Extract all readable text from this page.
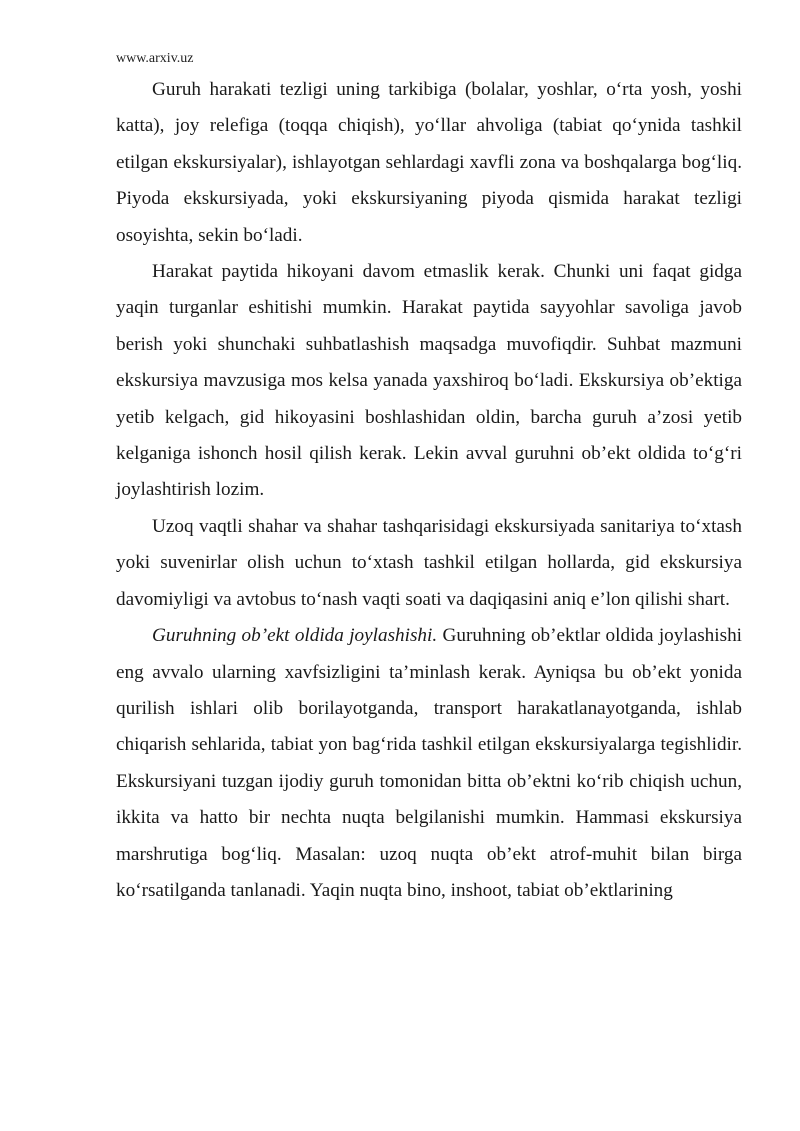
www.arxiv.uz

Guruh harakati tezligi uning tarkibiga (bolalar, yoshlar, o‘rta yosh, yoshi katta), joy relefiga (toqqa chiqish), yo‘llar ahvoliga (tabiat qo‘ynida tashkil etilgan ekskursiyalar), ishlayotgan sehlardagi xavfli zona va boshqalarga bog‘liq. Piyoda ekskursiyada, yoki ekskursiyaning piyoda qismida harakat tezligi osoyishta, sekin bo‘ladi.

Harakat paytida hikoyani davom etmaslik kerak. Chunki uni faqat gidga yaqin turganlar eshitishi mumkin. Harakat paytida sayyohlar savoliga javob berish yoki shunchaki suhbatlashish maqsadga muvofiqdir. Suhbat mazmuni ekskursiya mavzusiga mos kelsa yanada yaxshiroq bo‘ladi. Ekskursiya ob’ektiga yetib kelgach, gid hikoyasini boshlashidan oldin, barcha guruh a’zosi yetib kelganiga ishonch hosil qilish kerak. Lekin avval guruhni ob’ekt oldida to‘g‘ri joylashtirish lozim.

Uzoq vaqtli shahar va shahar tashqarisidagi ekskursiyada sanitariya to‘xtash yoki suvenirlar olish uchun to‘xtash tashkil etilgan hollarda, gid ekskursiya davomiyligi va avtobus to‘nash vaqti soati va daqiqasini aniq e’lon qilishi shart.

Guruhning ob’ekt oldida joylashishi. Guruhning ob’ektlar oldida joylashishi eng avvalo ularning xavfsizligini ta’minlash kerak. Ayniqsa bu ob’ekt yonida qurilish ishlari olib borilayotganda, transport harakatlanayotganda, ishlab chiqarish sehlarida, tabiat yon bag‘rida tashkil etilgan ekskursiyalarga tegishlidir. Ekskursiyani tuzgan ijodiy guruh tomonidan bitta ob’ektni ko‘rib chiqish uchun, ikkita va hatto bir nechta nuqta belgilanishi mumkin. Hammasi ekskursiya marshrutiga bog‘liq. Masalan: uzoq nuqta ob’ekt atrof-muhit bilan birga ko‘rsatilganda tanlanadi. Yaqin nuqta bino, inshoot, tabiat ob’ektlarining
